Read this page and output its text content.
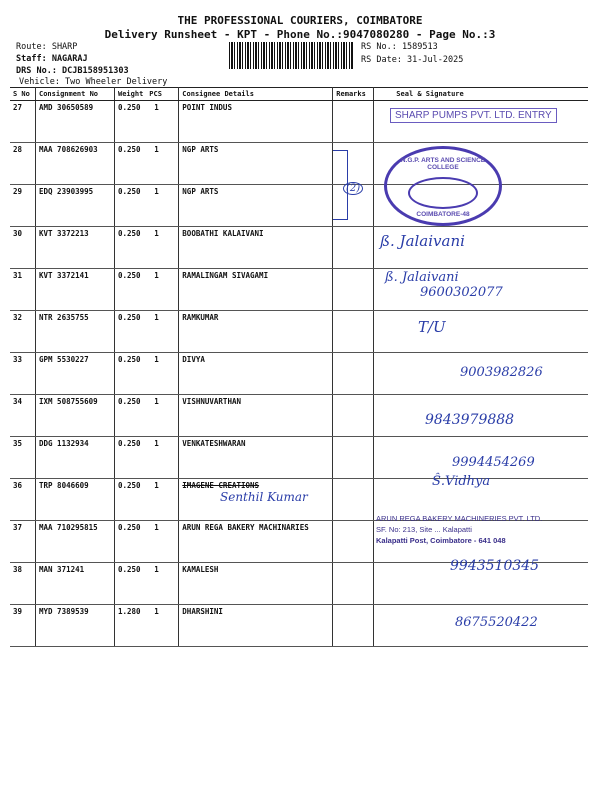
THE PROFESSIONAL COURIERS, COIMBATORE
Delivery Runsheet - KPT - Phone No.:9047080280 - Page No.:3
Route: SHARP
Staff: NAGARAJ
DRS No.: DCJB158951303
Vehicle: Two Wheeler Delivery
RS No.: 1589513
RS Date: 31-Jul-2025
S No	Consignment No	Weight	PCS	Consignee Details	Remarks	Seal & Signature
27	AMD 30650589	0.250	1	POINT INDUS		
28	MAA 708626903	0.250	1	NGP ARTS		
29	EDQ 23903995	0.250	1	NGP ARTS		
30	KVT 3372213	0.250	1	BOOBATHI KALAIVANI		
31	KVT 3372141	0.250	1	RAMALINGAM SIVAGAMI		
32	NTR 2635755	0.250	1	RAMKUMAR		
33	GPM 5530227	0.250	1	DIVYA		
34	IXM 508755609	0.250	1	VISHNUVARTHAN		
35	DDG 1132934	0.250	1	VENKATESHWARAN		
36	TRP 8046609	0.250	1	IMAGENE CREATIONS		
37	MAA 710295815	0.250	1	ARUN REGA BAKERY MACHINARIES		
38	MAN 371241	0.250	1	KAMALESH		
39	MYD 7389539	1.280	1	DHARSHINI		
SHARP PUMPS PVT. LTD. ENTRY
N.G.P. ARTS AND SCIENCE COLLEGE
COIMBATORE-48
(2)
ß. Jalaivani
ß. Jalaivani
9600302077
T/U
9003982826
9843979888
9994454269
Senthil Kumar
Ŝ.Vidhya
ARUN REGA BAKERY MACHINERIES PVT. LTD.
SF. No: 213, Site ... Kalapatti
Kalapatti Post, Coimbatore - 641 048
9943510345
8675520422
